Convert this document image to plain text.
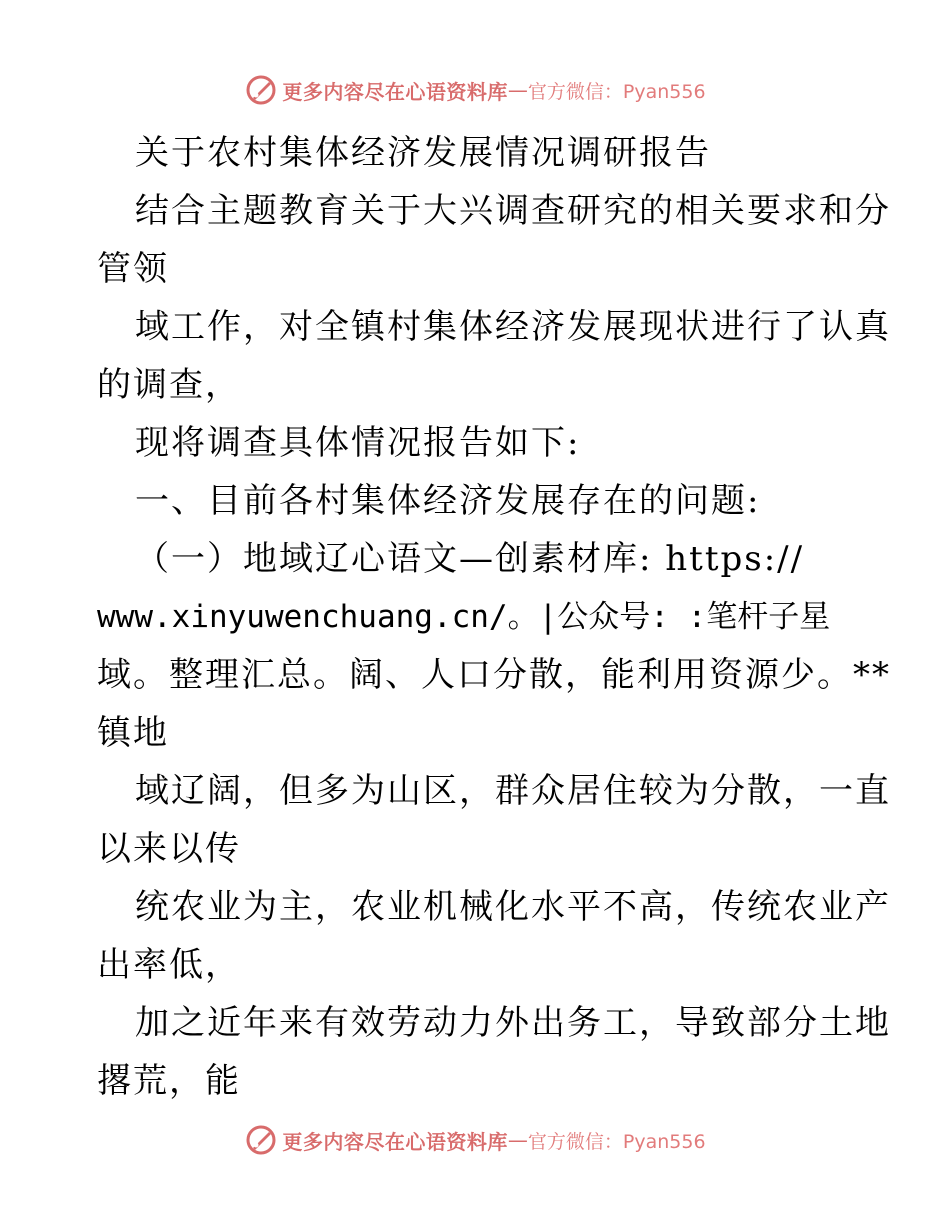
更多内容尽在心语资料库 — 官方微信：Pyan556
关于农村集体经济发展情况调研报告
结合主题教育关于大兴调查研究的相关要求和分
管领
域工作，对全镇村集体经济发展现状进行了认真
的调查，
现将调查具体情况报告如下:
一、目前各村集体经济发展存在的问题:
（一）地域辽心语文—创素材库: https://
www.xinyuwenchuang.cn/。|公众号: :笔杆子星
域。整理汇总。阔、人口分散，能利用资源少。**
镇地
域辽阔，但多为山区，群众居住较为分散，一直
以来以传
统农业为主，农业机械化水平不高，传统农业产
出率低，
加之近年来有效劳动力外出务工，导致部分土地
撂荒，能
更多内容尽在心语资料库 — 官方微信：Pyan556
